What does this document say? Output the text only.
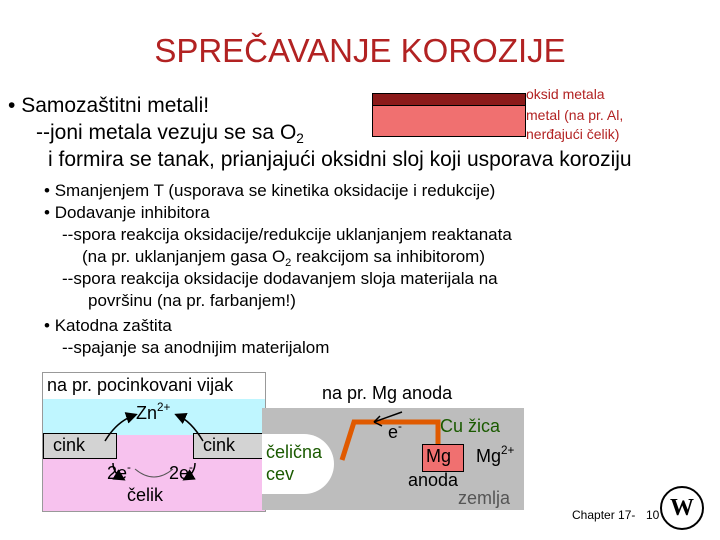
SPREČAVANJE KOROZIJE
oksid metala
metal (na pr. Al,
nerđajući čelik)
• Samozaštitni metali!
--joni metala vezuju se sa $O_2$
i formira se tanak, prianjajući oksidni sloj koji usporava koroziju
• Smanjenjem T (usporava se kinetika oksidacije i redukcije)
• Dodavanje inhibitora
--spora reakcija oksidacije/redukcije uklanjanjem reaktanata
(na pr. uklanjanjem gasa $O_2$ reakcijom sa inhibitorom)
--spora reakcija oksidacije dodavanjem sloja materijala na
površinu (na pr. farbanjem!)
• Katodna zaštita
--spajanje sa anodnijim materijalom
na pr. pocinkovani vijak
$Zn^{2+}$
cink	cink
2e- 2e-
čelik
na pr. Mg anoda
e- Cu žica
Mg $Mg^{2+}$
anoda
čelična
cev
zemlja
Chapter 17- 10 W
